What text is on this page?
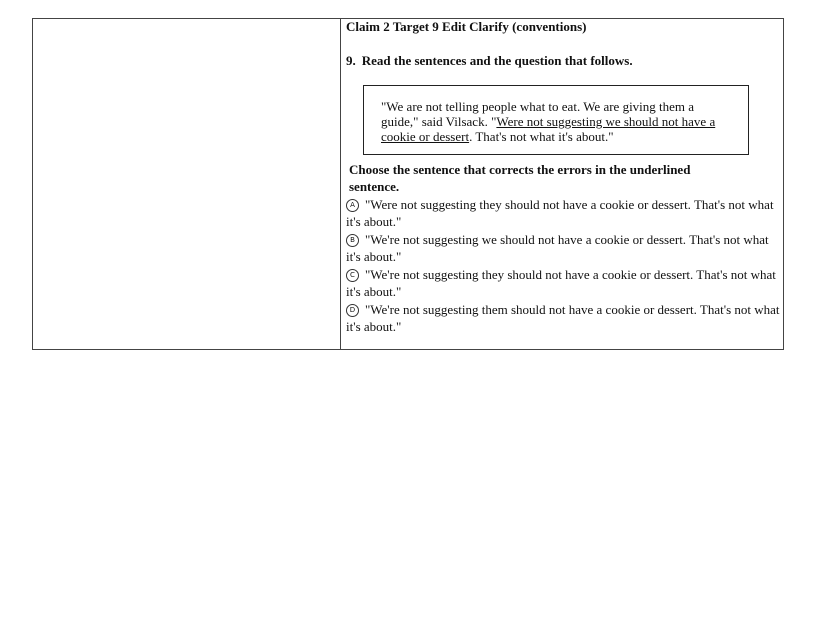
Claim 2 Target 9 Edit Clarify (conventions)

9. Read the sentences and the question that follows.
"We are not telling people what to eat. We are giving them a guide," said Vilsack. "Were not suggesting we should not have a cookie or dessert. That's not what it's about."
Choose the sentence that corrects the errors in the underlined sentence.
A "Were not suggesting they should not have a cookie or dessert. That's not what it's about."
B "We're not suggesting we should not have a cookie or dessert. That's not what it's about."
C "We're not suggesting they should not have a cookie or dessert. That's not what it's about."
D "We're not suggesting them should not have a cookie or dessert. That's not what it's about."
